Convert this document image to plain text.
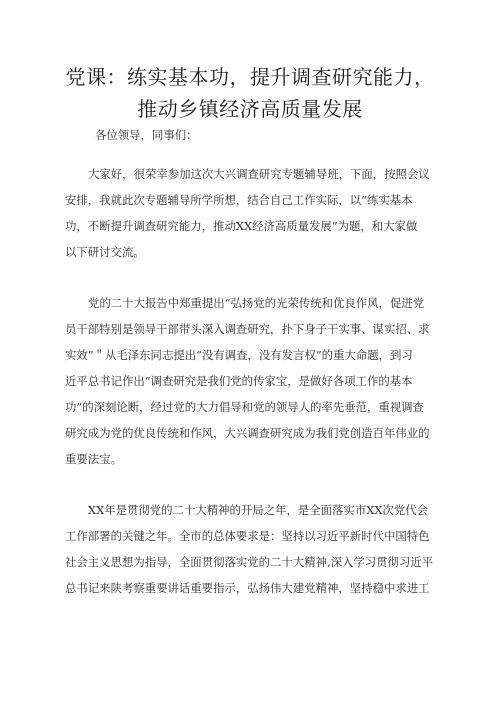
党课：练实基本功，提升调查研究能力，
推动乡镇经济高质量发展
各位领导，同事们：
大家好，很荣幸参加这次大兴调查研究专题辅导班，下面，按照会议
安排，我就此次专题辅导所学所想，结合自己工作实际，以“练实基本
功，不断提升调查研究能力，推动XX经济高质量发展”为题，和大家做
以下研讨交流。
党的二十大报告中郑重提出“弘扬党的光荣传统和优良作风，促进党
员干部特别是领导干部带头深入调查研究，扑下身子干实事、谋实招、求
实效”＂从毛泽东同志提出“没有调查，没有发言权”的重大命题，到习
近平总书记作出“调查研究是我们党的传家宝，是做好各项工作的基本
功”的深刻论断，经过党的大力倡导和党的领导人的率先垂范，重视调查
研究成为党的优良传统和作风，大兴调查研究成为我们党创造百年伟业的
重要法宝。
XX年是贯彻党的二十大精神的开局之年，是全面落实市XX次党代会
工作部署的关键之年。全市的总体要求是：坚持以习近平新时代中国特色
社会主义思想为指导，全面贯彻落实党的二十大精神,深入学习贯彻习近平
总书记来陕考察重要讲话重要指示，弘扬伟大建党精神，坚持稳中求进工
